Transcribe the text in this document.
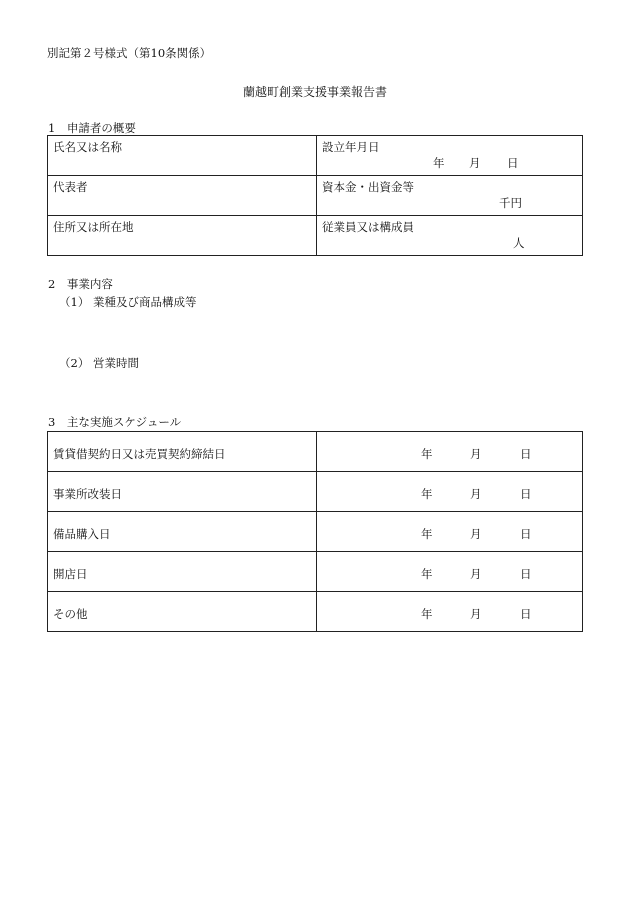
別記第２号様式（第10条関係）
蘭越町創業支援事業報告書
1　申請者の概要
氏名又は名称	設立年月日
年 月 日

代表者	資本金・出資金等
千円

住所又は所在地	従業員又は構成員
人
2　事業内容
（1） 業種及び商品構成等
（2） 営業時間
3　主な実施スケジュール
賃貸借契約日又は売買契約締結日	年 月 日

事業所改装日	年 月 日

備品購入日	年 月 日

開店日	年 月 日

その他	年 月 日
